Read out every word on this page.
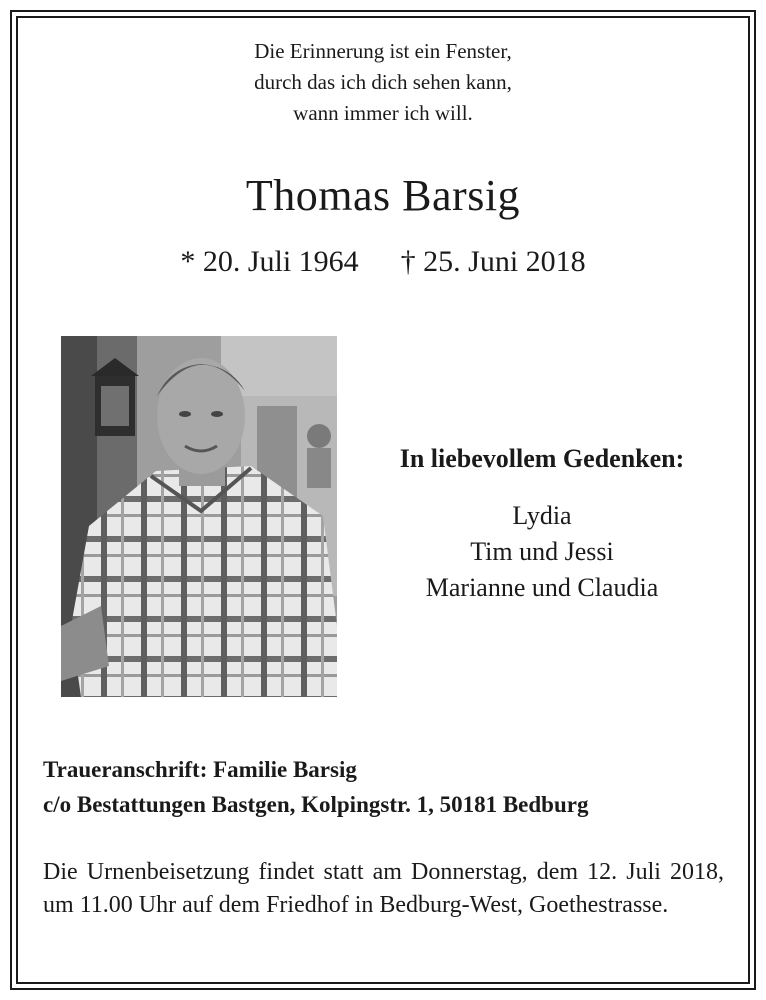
Die Erinnerung ist ein Fenster,
durch das ich dich sehen kann,
wann immer ich will.
Thomas Barsig
* 20. Juli 1964 † 25. Juni 2018
In liebevollem Gedenken:
Lydia
Tim und Jessi
Marianne und Claudia
Traueranschrift: Familie Barsig
c/o Bestattungen Bastgen, Kolpingstr. 1, 50181 Bedburg
Die Urnenbeisetzung findet statt am Donnerstag, dem 12. Juli 2018, um 11.00 Uhr auf dem Friedhof in Bedburg-West, Goethestrasse.
